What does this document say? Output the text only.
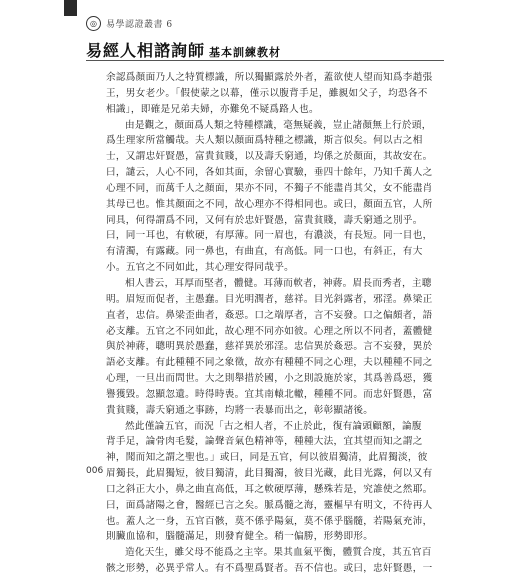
◎	易學認證叢書 6
易經人相諮詢師 基本訓練教材
余認爲顏面乃人之特質標識，所以獨顯露於外者，蓋欲使人望而知爲李趙張
王，男女老少。「假使蒙之以幕，僅示以腹背手足，雖親如父子，均恐各不
相識」，即確是兄弟夫婦，亦難免不疑爲路人也。
由是觀之，顏面爲人類之特種標識，毫無疑義，豈止諸顏無上行於頭，
爲生理家所當觸哉。夫人類以顏面爲特種之標識，斯言似矣。何以古之相
士，又謂忠奸賢愚，富貴貧賤，以及壽夭窮通，均係之於顏面，其故安在。
曰，譴云，人心不同，各如其面，余留心實驗，垂四十餘年，乃知千萬人之
心理不同，而萬千人之顏面，果亦不同，不獨子不能盡肖其父，女不能盡肖
其母已也。惟其顏面之不同，故心理亦不得相同也。或曰，顏面五官，人所
同具，何得謂爲不同，又何有於忠奸賢愚，富貴貧賤，壽夭窮通之別乎。
曰，同一耳也，有軟硬，有厚薄。同一眉也，有濃淡，有長短。同一目也，
有清濁，有露藏。同一鼻也，有曲直，有高低。同一口也，有斜正，有大
小。五官之不同如此，其心理安得同哉乎。
相人書云，耳厚而堅者，體健。耳薄而軟者，神蔣。眉長而秀者，主聰
明。眉短而促者，主愚蠢。目光明潤者，慈祥。目光斜露者，邪淫。鼻梁正
直者，忠信。鼻梁歪曲者，姦惡。口之端厚者，言不妄發。口之偏頗者，語
必支離。五官之不同如此，故心理不同亦如彼。心理之所以不同者，蓋體健
與於神蔣，聰明異於愚蠢，慈祥異於邪淫。忠信異於姦惡。言不妄發，異於
語必支離。有此種種不同之象徵，故亦有種種不同之心理，夫以種種不同之
心理，一旦出而問世。大之則舉措於國，小之則設施於家，其爲善爲惡，獲
譽獲毀。忽顯忽遺。時得時喪。宜其南轅北轍，種種不同。而忠奸賢愚，富
貴貧賤，壽夭窮通之事跡，均將一表暴而出之，彰彰顯諸後。
然此僅論五官，而況「古之相人者，不止於此，復有論頭顧額，論腹
背手足，論骨肉毛髮，論聲音氣色精神等，種種大法，宜其望而知之謂之
神，聞而知之謂之聖也。」或曰，同是五官，何以彼眉獨清，此眉獨淡，彼
眉獨長，此眉獨短，彼目獨清，此目獨濁，彼目光藏，此目光露，何以又有
口之斜正大小，鼻之曲直高低，耳之軟硬厚薄，懸殊若是，究誰使之然耶。
曰，面爲諸陽之會，醫經已言之矣。脈爲髓之海，靈樞早有明文，不待再人
也。蓋人之一身，五官百骸，莫不係乎陽氣，莫不係乎腦髓，若陽氣充沛，
則臟血協和，腦髓滿足，則發育健全。稍一偏勝，形勢即形。
造化天生，雖父母不能爲之主宰。果其血氣平衡，體質合度，其五官百
骸之形勢，必異乎常人。有不爲聖爲賢者。吾不信也。或曰，忠奸賢愚，一
006
